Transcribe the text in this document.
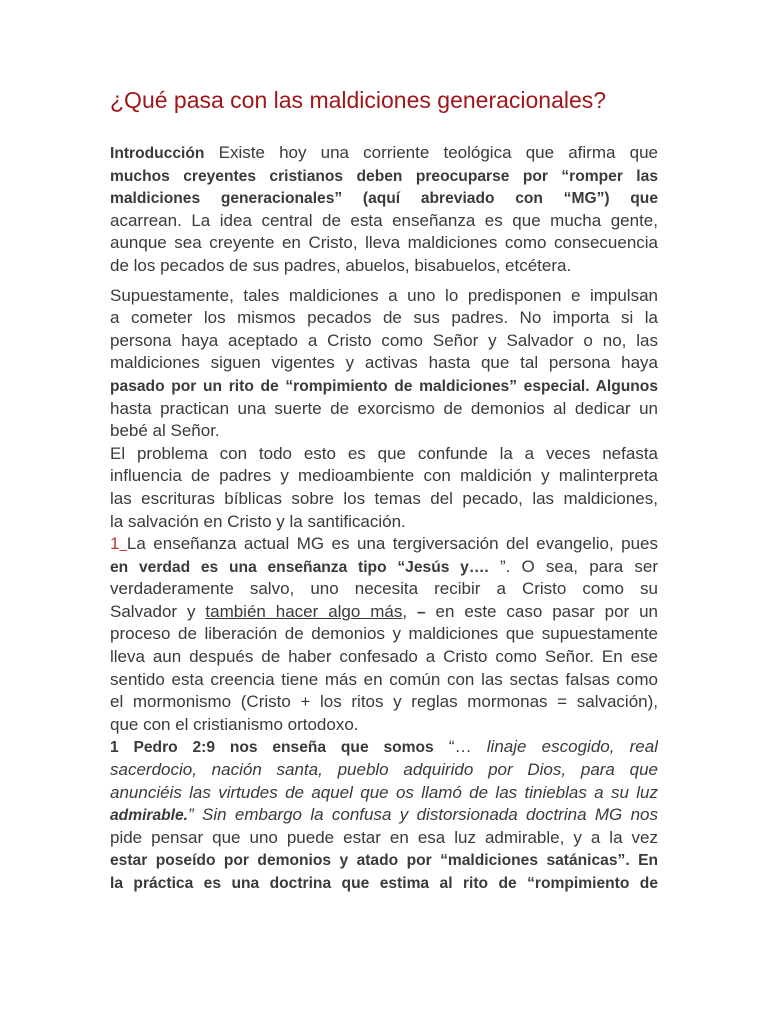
¿Qué pasa con las maldiciones generacionales?
Introducción Existe hoy una corriente teológica que afirma que
muchos creyentes cristianos deben preocuparse por “romper las
maldiciones generacionales” (aquí abreviado con “MG”) que
acarrean. La idea central de esta enseñanza es que mucha gente,
aunque sea creyente en Cristo, lleva maldiciones como consecuencia
de los pecados de sus padres, abuelos, bisabuelos, etcétera.
Supuestamente, tales maldiciones a uno lo predisponen e impulsan
a cometer los mismos pecados de sus padres. No importa si la
persona haya aceptado a Cristo como Señor y Salvador o no, las
maldiciones siguen vigentes y activas hasta que tal persona haya
pasado por un rito de “rompimiento de maldiciones” especial. Algunos
hasta practican una suerte de exorcismo de demonios al dedicar un
bebé al Señor.
El problema con todo esto es que confunde la a veces nefasta
influencia de padres y medioambiente con maldición y malinterpreta
las escrituras bíblicas sobre los temas del pecado, las maldiciones,
la salvación en Cristo y la santificación.
1 La enseñanza actual MG es una tergiversación del evangelio, pues
en verdad es una enseñanza tipo “Jesús y…. ”. O sea, para ser
verdaderamente salvo, uno necesita recibir a Cristo como su
Salvador y también hacer algo más, – en este caso pasar por un
proceso de liberación de demonios y maldiciones que supuestamente
lleva aun después de haber confesado a Cristo como Señor. En ese
sentido esta creencia tiene más en común con las sectas falsas como
el mormonismo (Cristo + los ritos y reglas mormonas = salvación),
que con el cristianismo ortodoxo.
1 Pedro 2:9 nos enseña que somos “… linaje escogido, real
sacerdocio, nación santa, pueblo adquirido por Dios, para que
anunciéis las virtudes de aquel que os llamó de las tinieblas a su luz
admirable.” Sin embargo la confusa y distorsionada doctrina MG nos
pide pensar que uno puede estar en esa luz admirable, y a la vez
estar poseído por demonios y atado por “maldiciones satánicas”. En
la práctica es una doctrina que estima al rito de “rompimiento de
